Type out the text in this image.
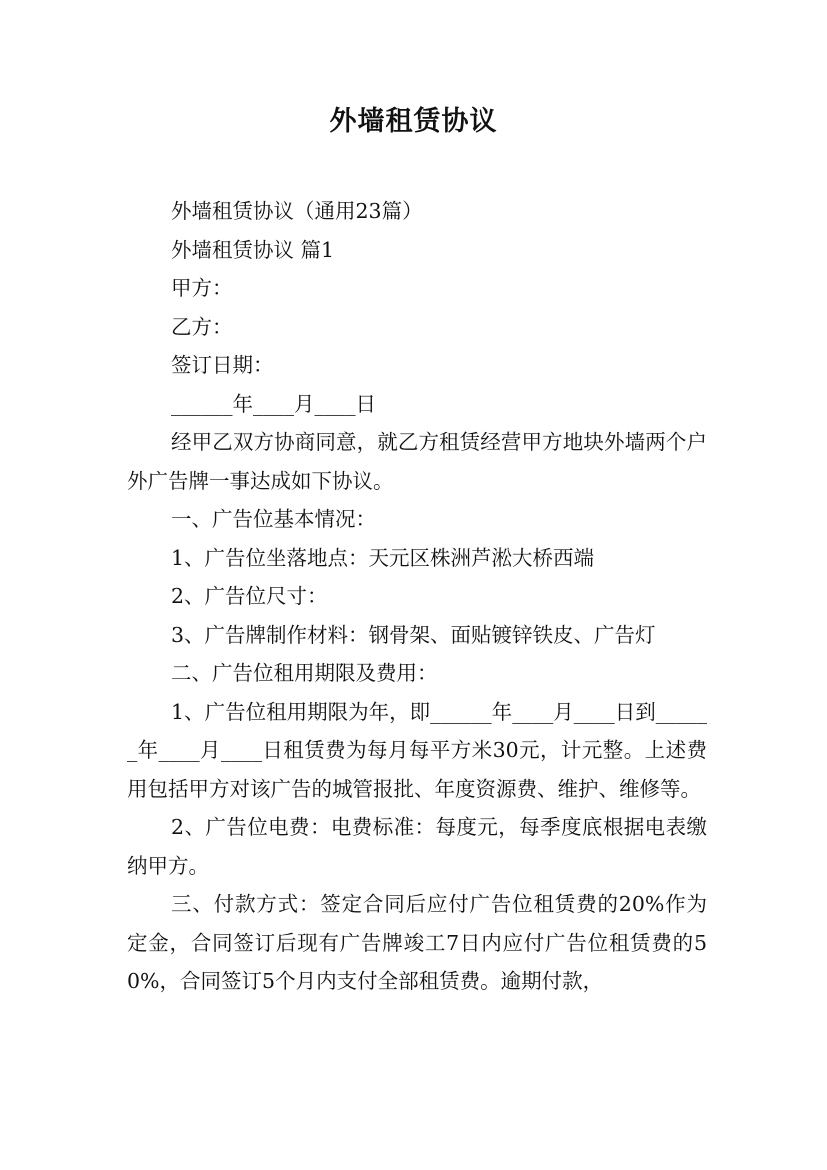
外墙租赁协议

外墙租赁协议（通用23篇）

外墙租赁协议 篇1

甲方：

乙方：

签订日期：

______年____月____日

经甲乙双方协商同意，就乙方租赁经营甲方地块外墙两个户外广告牌一事达成如下协议。

一、广告位基本情况：

1、广告位坐落地点：天元区株洲芦淞大桥西端

2、广告位尺寸：

3、广告牌制作材料：钢骨架、面贴镀锌铁皮、广告灯

二、广告位租用期限及费用：

1、广告位租用期限为年，即______年____月____日到______年____月____日租赁费为每月每平方米30元，计元整。上述费用包括甲方对该广告的城管报批、年度资源费、维护、维修等。

2、广告位电费：电费标准：每度元，每季度底根据电表缴纳甲方。

三、付款方式：签定合同后应付广告位租赁费的20%作为定金，合同签订后现有广告牌竣工7日内应付广告位租赁费的50%，合同签订5个月内支付全部租赁费。逾期付款，
